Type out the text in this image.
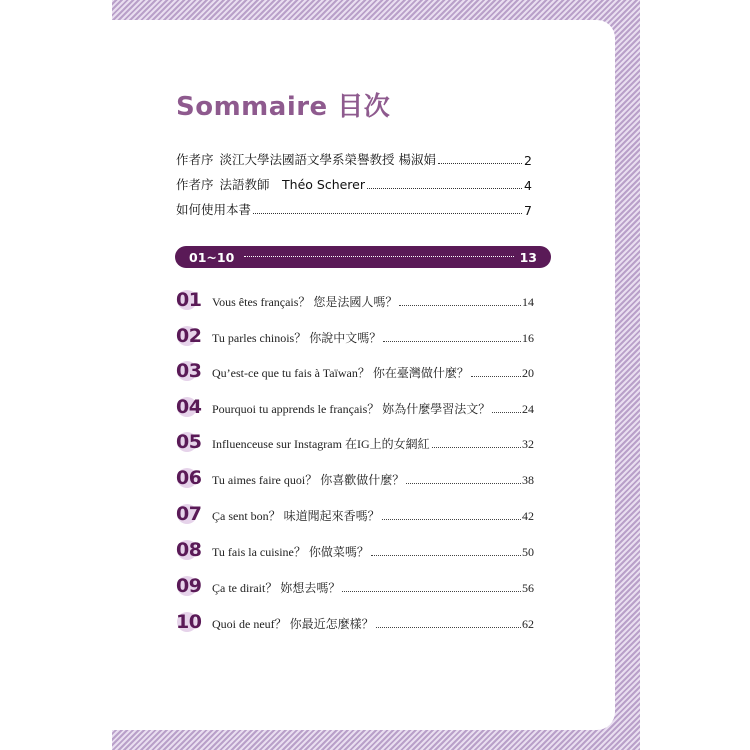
Sommaire 目次
作者序 淡江大學法國語文學系榮譽教授 楊淑娟	2
作者序 法語教師　Théo Scherer	4
如何使用本書	7
01~10	13
01 Vous êtes français？ 您是法國人嗎？	14
02 Tu parles chinois？ 你說中文嗎？	16
03 Qu’est-ce que tu fais à Taïwan？ 你在臺灣做什麼？	20
04 Pourquoi tu apprends le français？ 妳為什麼學習法文？	24
05 Influenceuse sur Instagram 在IG上的女網紅	32
06 Tu aimes faire quoi？ 你喜歡做什麼？	38
07 Ça sent bon？ 味道聞起來香嗎？	42
08 Tu fais la cuisine？ 你做菜嗎？	50
09 Ça te dirait？ 妳想去嗎？	56
10 Quoi de neuf？ 你最近怎麼樣？	62
